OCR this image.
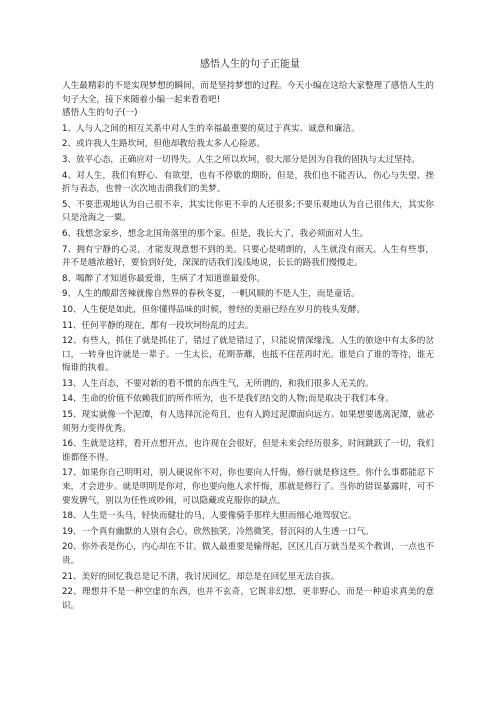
感悟人生的句子正能量

人生最精彩的不是实现梦想的瞬间，而是坚持梦想的过程。今天小编在这给大家整理了感悟人生的句子大全，接下来随着小编一起来看看吧!

感悟人生的句子(一)

1、人与人之间的相互关系中对人生的幸福最重要的莫过于真实、诚意和廉洁。

2、或许我人生路坎坷，但他却教给我太多人心险恶。

3、放平心态，正确应对一切得失。人生之所以坎坷，很大部分是因为自我的固执与太过坚持。

4、对人生，我们有野心、有欲望，也有不停歇的期盼，但是，我们也不能否认，伤心与失望、挫折与表态，也曾一次次地击溃我们的美梦。

5、不要悲观地认为自己很不幸，其实比你更不幸的人还很多;不要乐观地认为自己很伟大，其实你只是沧海之一粟。

6、我想念家乡，想念北国角落里的那个家。但是，我长大了，我必须面对人生。

7、拥有宁静的心灵，才能发现意想不到的美。只要心是晴朗的，人生就没有雨天。人生有些事，并不是越浓越好，要恰到好处，深深的话我们浅浅地说，长长的路我们慢慢走。

8、喝醉了才知道你最爱谁，生病了才知道谁最爱你。

9、人生的酸甜苦辣就像自然界的春秋冬夏，一帆风顺的不是人生，而是童话。

10、人生便是如此，但你懂得品味的时候，曾经的美丽已经在岁月的枝头发酵。

11、任何平静的现在，都有一段坎坷纷乱的过去。

12、有些人，抓住了就是抓住了，错过了就是错过了，只能说情深缘浅。人生的旅途中有太多的岔口，一转身也许就是一辈子。一生太长，花期荼蘼，也抵不住茬再时光。谁是白了谁的等待，谁无悔谁的执着。

13、人生百态，不要对新的看不惯的东西生气，无所谓的，和我们很多人无关的。

14、生命的价值不依赖我们的所作所为，也不是我们结交的人物;而是取决于我们本身。

15、现实就像一个泥潭，有人选择沉沦苟且，也有人跨过泥潭面向远方。如果想要逃离泥潭，就必须努力变得优秀。

16、生就是这样，看开点想开点，也许现在会很好，但是未来会经历很多，时间跳跃了一切，我们谁都怪不得。

17、如果你自己明明对，别人硬说你不对，你也要向人忏悔，修行就是修这些。你什么事都能忍下来，才会进步。就是明明是你对，你也要向他人求忏悔，那就是修行了。当你的错误暴露时，可不要发脾气，别以为任性或吵闹，可以隐藏或克服你的缺点。

18、人生是一头马，轻快而健壮的马，人要像骑手那样大胆而细心地驾驭它。

19、一个真有幽默的人别有会心，欣然独笑，冷然微笑，替沉闷的人生透一口气。

20、你外表是伤心，内心却在不甘。做人最重要是输得起，区区几百万就当是买个教训，一点也不贵。

21、美好的回忆我总是记不清，我讨厌回忆，却总是在回忆里无法自拔。

22、理想并不是一种空虚的东西，也并不玄奇，它既非幻想，更非野心，而是一种追求真美的意识。
